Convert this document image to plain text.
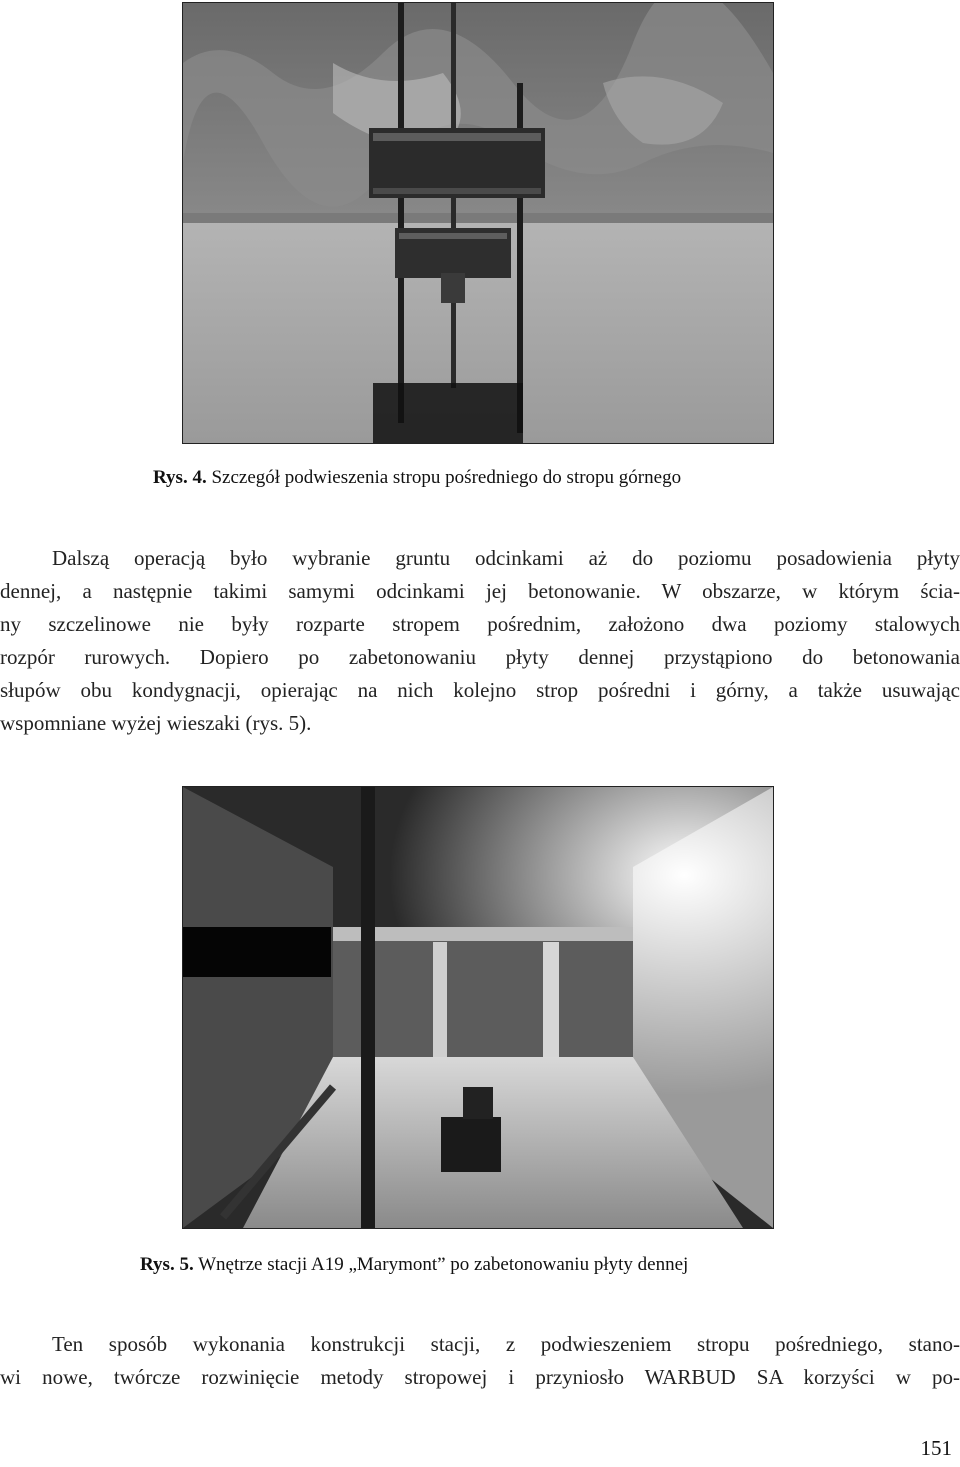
Rys. 4. Szczegół podwieszenia stropu pośredniego do stropu górnego
Dalszą operacją było wybranie gruntu odcinkami aż do poziomu posadowienia płyty
dennej, a następnie takimi samymi odcinkami jej betonowanie. W obszarze, w którym ścia-
ny szczelinowe nie były rozparte stropem pośrednim, założono dwa poziomy stalowych
rozpór rurowych. Dopiero po zabetonowaniu płyty dennej przystąpiono do betonowania
słupów obu kondygnacji, opierając na nich kolejno strop pośredni i górny, a także usuwając
wspomniane wyżej wieszaki (rys. 5).
Rys. 5. Wnętrze stacji A19 „Marymont” po zabetonowaniu płyty dennej
Ten sposób wykonania konstrukcji stacji, z podwieszeniem stropu pośredniego, stano-
wi nowe, twórcze rozwinięcie metody stropowej i przyniosło WARBUD SA korzyści w po-
151
